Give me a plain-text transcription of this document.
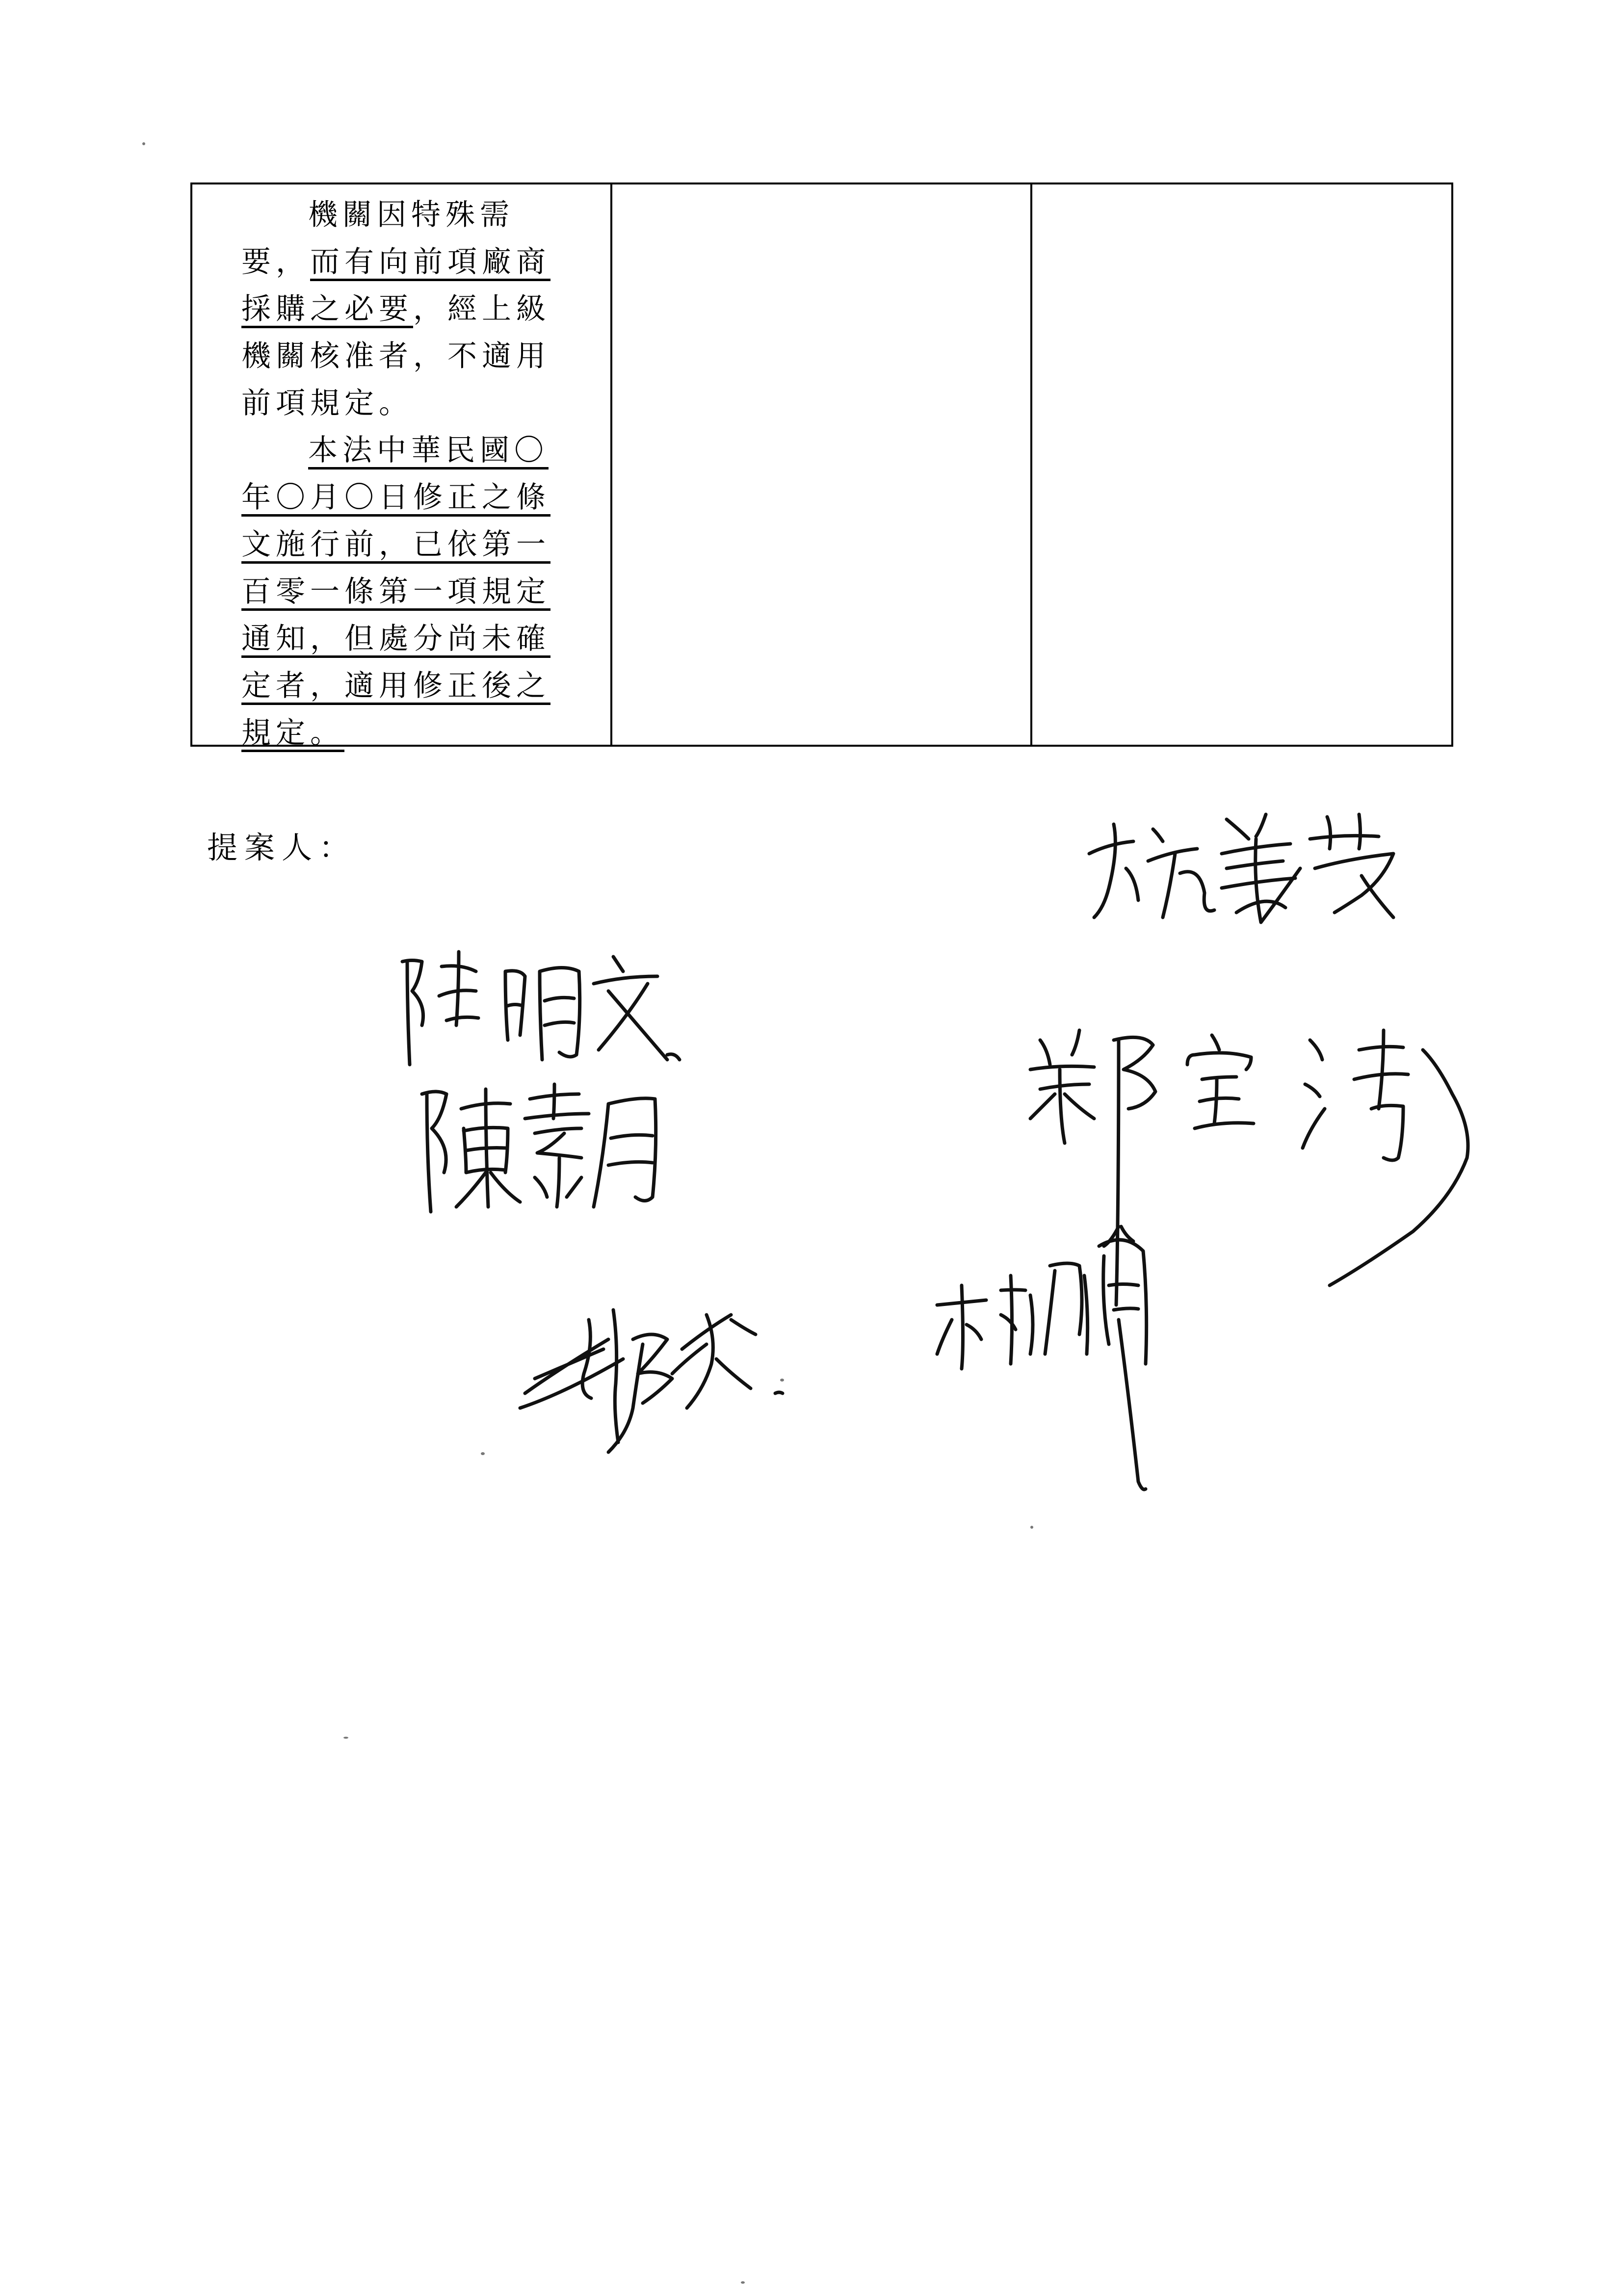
機關因特殊需
要，而有向前項廠商
採購之必要，經上級
機關核准者，不適用
前項規定。

本法中華民國〇
年〇月〇日修正之條
文施行前，已依第一
百零一條第一項規定
通知，但處分尚未確
定者，適用修正後之
規定。

提案人：
